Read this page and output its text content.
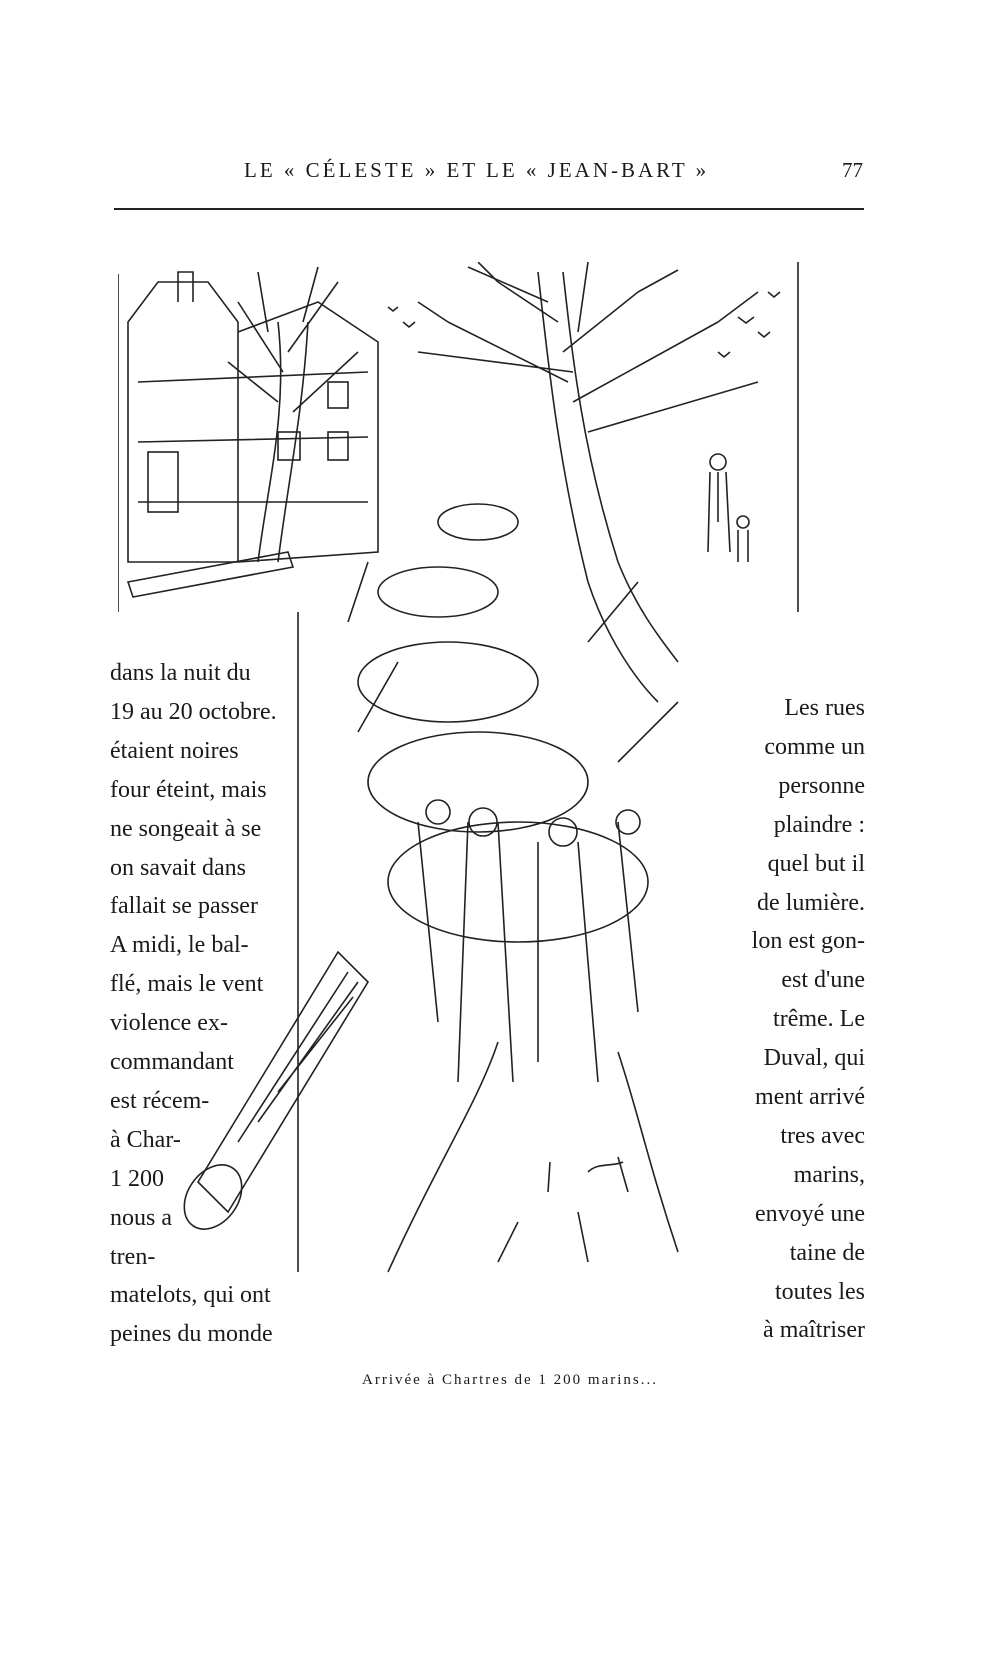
LE « CÉLESTE » ET LE « JEAN-BART »	77
dans la nuit du
19 au 20 octobre.
étaient noires
four éteint, mais
ne songeait à se
on savait dans
fallait se passer
A midi, le bal-
flé, mais le vent
violence ex-
commandant
est récem-
à Char-
1 200
nous a
tren-
matelots, qui ont
peines du monde
Les rues
comme un
personne
plaindre :
quel but il
de lumière.
lon est gon-
est d'une
trême. Le
Duval, qui
ment arrivé
tres avec
marins,
envoyé une
taine de
toutes les
à maîtriser
Arrivée à Chartres de 1 200 marins...
